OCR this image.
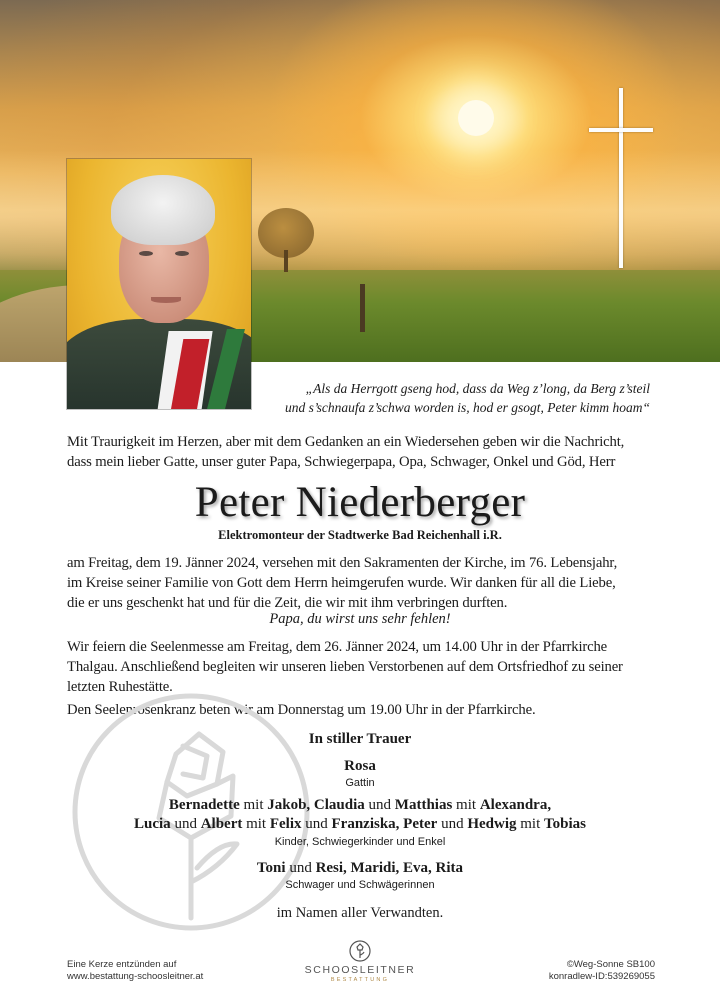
„Als da Herrgott gseng hod, dass da Weg z’long, da Berg z’steil
und s’schnaufa z’schwa worden is, hod er gsogt, Peter kimm hoam“
Mit Traurigkeit im Herzen, aber mit dem Gedanken an ein Wiedersehen geben wir die Nachricht,
dass mein lieber Gatte, unser guter Papa, Schwiegerpapa, Opa, Schwager, Onkel und Göd, Herr
Peter Niederberger
Elektromonteur der Stadtwerke Bad Reichenhall i.R.
am Freitag, dem 19. Jänner 2024, versehen mit den Sakramenten der Kirche, im 76. Lebensjahr,
im Kreise seiner Familie von Gott dem Herrn heimgerufen wurde. Wir danken für all die Liebe,
die er uns geschenkt hat und für die Zeit, die wir mit ihm verbringen durften.
Papa, du wirst uns sehr fehlen!
Wir feiern die Seelenmesse am Freitag, dem 26. Jänner 2024, um 14.00 Uhr in der Pfarrkirche
Thalgau. Anschließend begleiten wir unseren lieben Verstorbenen auf dem Ortsfriedhof zu seiner
letzten Ruhestätte.
Den Seelenrosenkranz beten wir am Donnerstag um 19.00 Uhr in der Pfarrkirche.
In stiller Trauer
Rosa
Gattin
Bernadette mit Jakob, Claudia und Matthias mit Alexandra,
Lucia und Albert mit Felix und Franziska, Peter und Hedwig mit Tobias
Kinder, Schwiegerkinder und Enkel
Toni und Resi, Maridi, Eva, Rita
Schwager und Schwägerinnen
im Namen aller Verwandten.
Eine Kerze entzünden auf
www.bestattung-schoosleitner.at
SCHOOSLEITNER
BESTATTUNG
©Weg-Sonne SB100
konradlew-ID:539269055
